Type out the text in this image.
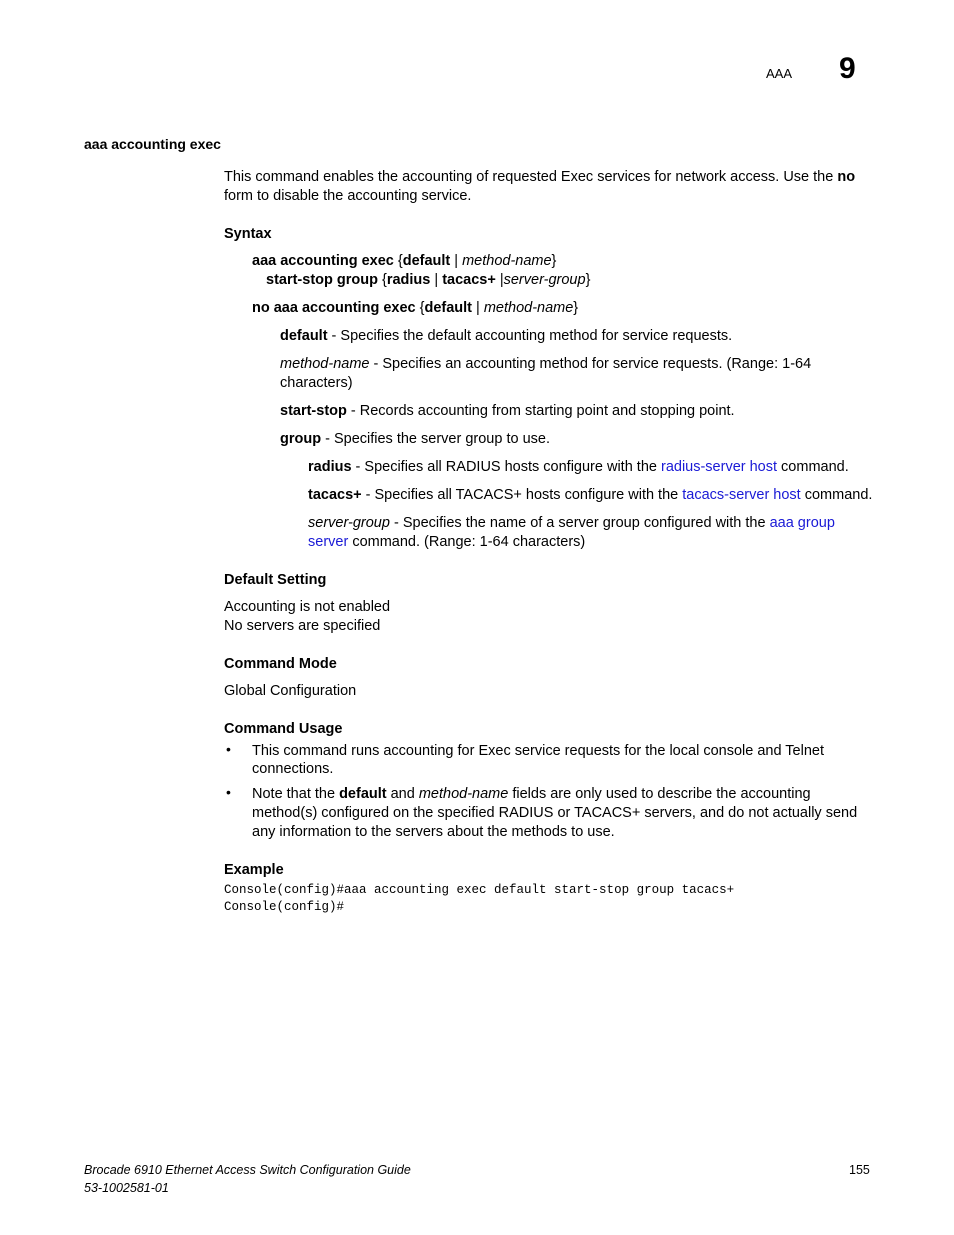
AAA 9
aaa accounting exec
This command enables the accounting of requested Exec services for network access. Use the no
form to disable the accounting service.
Syntax
aaa accounting exec {default | method-name}
start-stop group {radius | tacacs+ |server-group}
no aaa accounting exec {default | method-name}
default - Specifies the default accounting method for service requests.
method-name - Specifies an accounting method for service requests. (Range: 1-64
characters)
start-stop - Records accounting from starting point and stopping point.
group - Specifies the server group to use.
radius - Specifies all RADIUS hosts configure with the radius-server host command.
tacacs+ - Specifies all TACACS+ hosts configure with the tacacs-server host command.
server-group - Specifies the name of a server group configured with the aaa group
server command. (Range: 1-64 characters)
Default Setting
Accounting is not enabled
No servers are specified
Command Mode
Global Configuration
Command Usage
• This command runs accounting for Exec service requests for the local console and Telnet
connections.
• Note that the default and method-name fields are only used to describe the accounting
method(s) configured on the specified RADIUS or TACACS+ servers, and do not actually send
any information to the servers about the methods to use.
Example
Console(config)#aaa accounting exec default start-stop group tacacs+
Console(config)#
Brocade 6910 Ethernet Access Switch Configuration Guide
53-1002581-01
155
